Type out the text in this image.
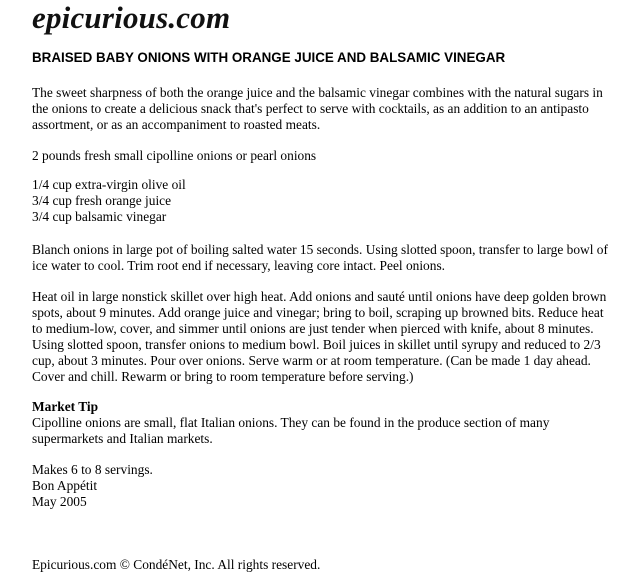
epicurious.com
BRAISED BABY ONIONS WITH ORANGE JUICE AND BALSAMIC VINEGAR
The sweet sharpness of both the orange juice and the balsamic vinegar combines with the natural sugars in
the onions to create a delicious snack that's perfect to serve with cocktails, as an addition to an antipasto
assortment, or as an accompaniment to roasted meats.
2 pounds fresh small cipolline onions or pearl onions
1/4 cup extra-virgin olive oil
3/4 cup fresh orange juice
3/4 cup balsamic vinegar
Blanch onions in large pot of boiling salted water 15 seconds. Using slotted spoon, transfer to large bowl of
ice water to cool. Trim root end if necessary, leaving core intact. Peel onions.
Heat oil in large nonstick skillet over high heat. Add onions and sauté until onions have deep golden brown
spots, about 9 minutes. Add orange juice and vinegar; bring to boil, scraping up browned bits. Reduce heat
to medium-low, cover, and simmer until onions are just tender when pierced with knife, about 8 minutes.
Using slotted spoon, transfer onions to medium bowl. Boil juices in skillet until syrupy and reduced to 2/3
cup, about 3 minutes. Pour over onions. Serve warm or at room temperature. (Can be made 1 day ahead.
Cover and chill. Rewarm or bring to room temperature before serving.)
Market Tip
Cipolline onions are small, flat Italian onions. They can be found in the produce section of many
supermarkets and Italian markets.
Makes 6 to 8 servings.
Bon Appétit
May 2005
Epicurious.com © CondéNet, Inc. All rights reserved.
